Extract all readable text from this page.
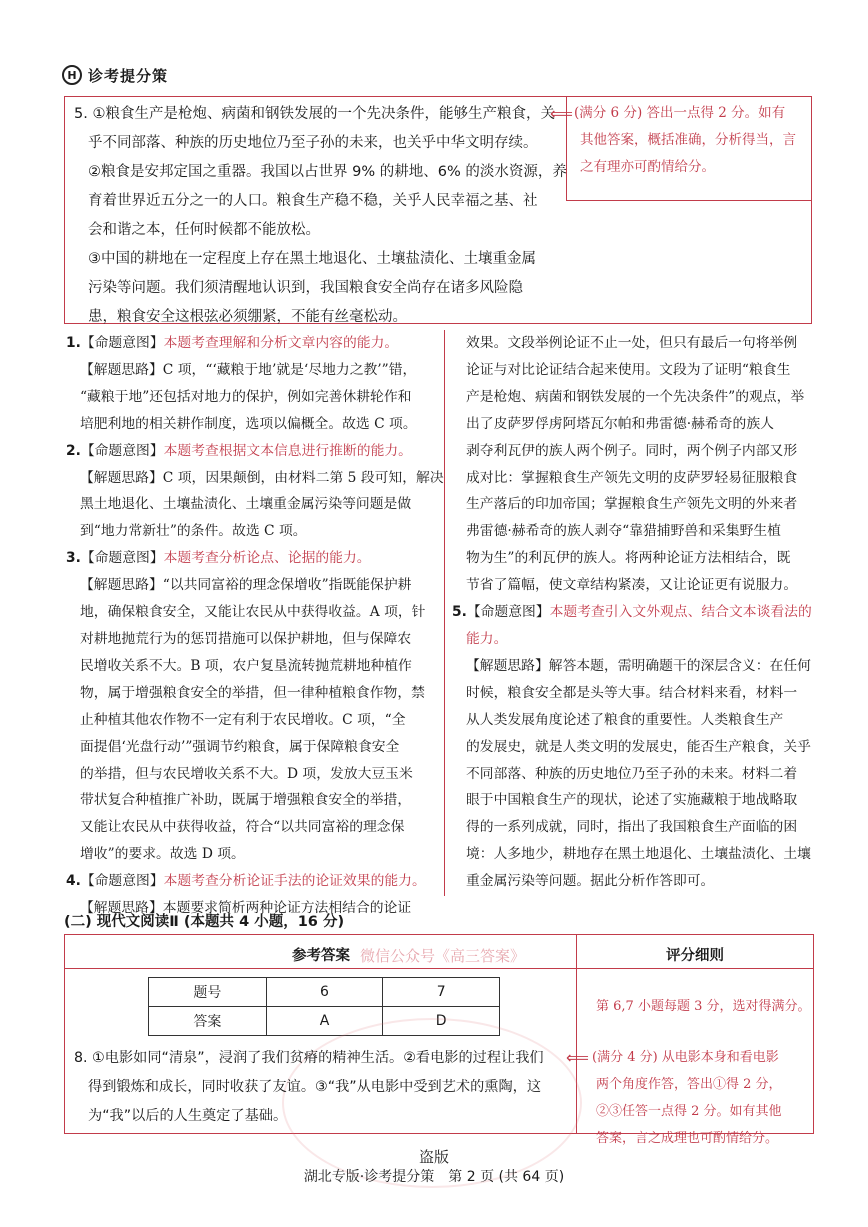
H 诊考提分策
5. ①粮食生产是枪炮、病菌和钢铁发展的一个先决条件，能够生产粮食，关
乎不同部落、种族的历史地位乃至子孙的未来，也关乎中华文明存续。
②粮食是安邦定国之重器。我国以占世界 9% 的耕地、6% 的淡水资源，养
育着世界近五分之一的人口。粮食生产稳不稳，关乎人民幸福之基、社
会和谐之本，任何时候都不能放松。
③中国的耕地在一定程度上存在黑土地退化、土壤盐渍化、土壤重金属
污染等问题。我们须清醒地认识到，我国粮食安全尚存在诸多风险隐
患，粮食安全这根弦必须绷紧，不能有丝毫松动。
⟸ (满分 6 分) 答出一点得 2 分。如有
其他答案，概括准确，分析得当，言
之有理亦可酌情给分。
1.【命题意图】本题考查理解和分析文章内容的能力。
【解题思路】C 项，“‘藏粮于地’就是‘尽地力之教’”错，
“藏粮于地”还包括对地力的保护，例如完善休耕轮作和
培肥利地的相关耕作制度，选项以偏概全。故选 C 项。
2.【命题意图】本题考查根据文本信息进行推断的能力。
【解题思路】C 项，因果颠倒，由材料二第 5 段可知，解决
黑土地退化、土壤盐渍化、土壤重金属污染等问题是做
到“地力常新壮”的条件。故选 C 项。
3.【命题意图】本题考查分析论点、论据的能力。
【解题思路】“以共同富裕的理念保增收”指既能保护耕
地，确保粮食安全，又能让农民从中获得收益。A 项，针
对耕地抛荒行为的惩罚措施可以保护耕地，但与保障农
民增收关系不大。B 项，农户复垦流转抛荒耕地种植作
物，属于增强粮食安全的举措，但一律种植粮食作物，禁
止种植其他农作物不一定有利于农民增收。C 项，“全
面提倡‘光盘行动’”强调节约粮食，属于保障粮食安全
的举措，但与农民增收关系不大。D 项，发放大豆玉米
带状复合种植推广补助，既属于增强粮食安全的举措，
又能让农民从中获得收益，符合“以共同富裕的理念保
增收”的要求。故选 D 项。
4.【命题意图】本题考查分析论证手法的论证效果的能力。
【解题思路】本题要求简析两种论证方法相结合的论证
效果。文段举例论证不止一处，但只有最后一句将举例
论证与对比论证结合起来使用。文段为了证明“粮食生
产是枪炮、病菌和钢铁发展的一个先决条件”的观点，举
出了皮萨罗俘虏阿塔瓦尔帕和弗雷德·赫希奇的族人
剥夺利瓦伊的族人两个例子。同时，两个例子内部又形
成对比：掌握粮食生产领先文明的皮萨罗轻易征服粮食
生产落后的印加帝国；掌握粮食生产领先文明的外来者
弗雷德·赫希奇的族人剥夺“靠猎捕野兽和采集野生植
物为生”的利瓦伊的族人。将两种论证方法相结合，既
节省了篇幅，使文章结构紧凑，又让论证更有说服力。
5.【命题意图】本题考查引入文外观点、结合文本谈看法的
能力。
【解题思路】解答本题，需明确题干的深层含义：在任何
时候，粮食安全都是头等大事。结合材料来看，材料一
从人类发展角度论述了粮食的重要性。人类粮食生产
的发展史，就是人类文明的发展史，能否生产粮食，关乎
不同部落、种族的历史地位乃至子孙的未来。材料二着
眼于中国粮食生产的现状，论述了实施藏粮于地战略取
得的一系列成就，同时，指出了我国粮食生产面临的困
境：人多地少，耕地存在黑土地退化、土壤盐渍化、土壤
重金属污染等问题。据此分析作答即可。
(二) 现代文阅读Ⅱ (本题共 4 小题，16 分)
参考答案 微信公众号《高三答案》	评分细则
题号	6	7
答案	A	D
第 6,7 小题每题 3 分，选对得满分。
8. ①电影如同“清泉”，浸润了我们贫瘠的精神生活。②看电影的过程让我们
得到锻炼和成长，同时收获了友谊。③“我”从电影中受到艺术的熏陶，这
为“我”以后的人生奠定了基础。
⟸ (满分 4 分) 从电影本身和看电影
两个角度作答，答出①得 2 分，
②③任答一点得 2 分。如有其他
答案，言之成理也可酌情给分。
盗版
湖北专版·诊考提分策　第 2 页 (共 64 页)
